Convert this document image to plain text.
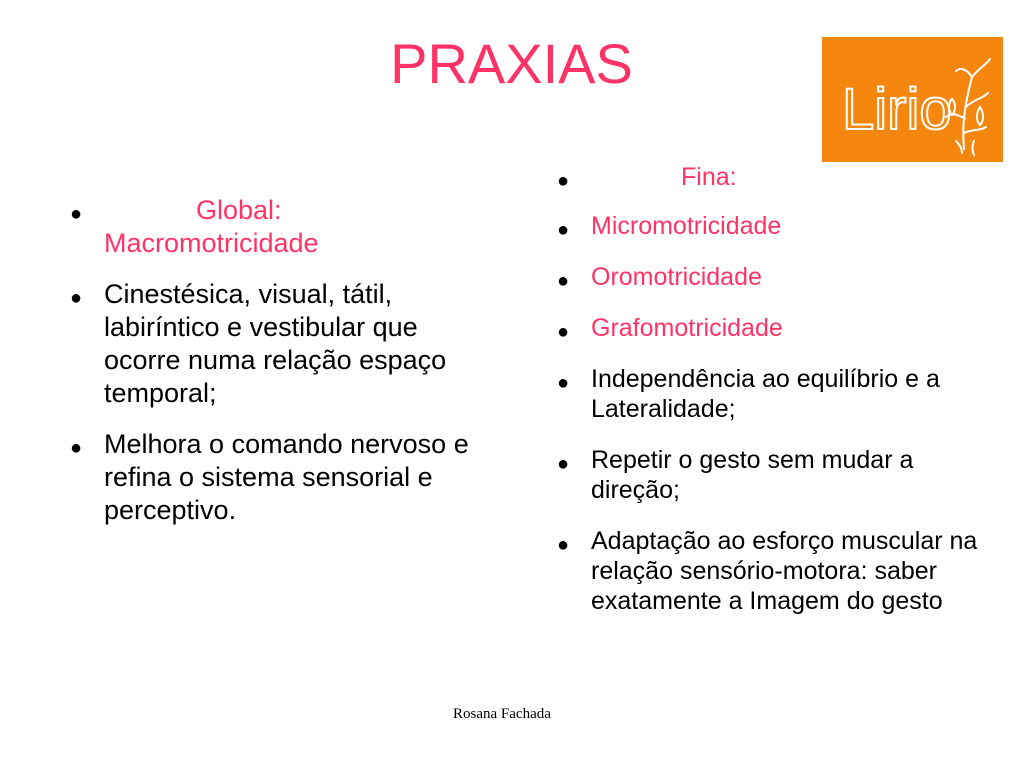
PRAXIAS
Lirio
●	Global:
Macromotricidade
● Cinestésica, visual, tátil, labiríntico e vestibular que ocorre numa relação espaço temporal;
● Melhora o comando nervoso e refina o sistema sensorial e perceptivo.
●	Fina:
● Micromotricidade
● Oromotricidade
● Grafomotricidade
● Independência ao equilíbrio e a Lateralidade;
● Repetir o gesto sem mudar a direção;
● Adaptação ao esforço muscular na relação sensório-motora: saber exatamente a Imagem do gesto
Rosana Fachada
